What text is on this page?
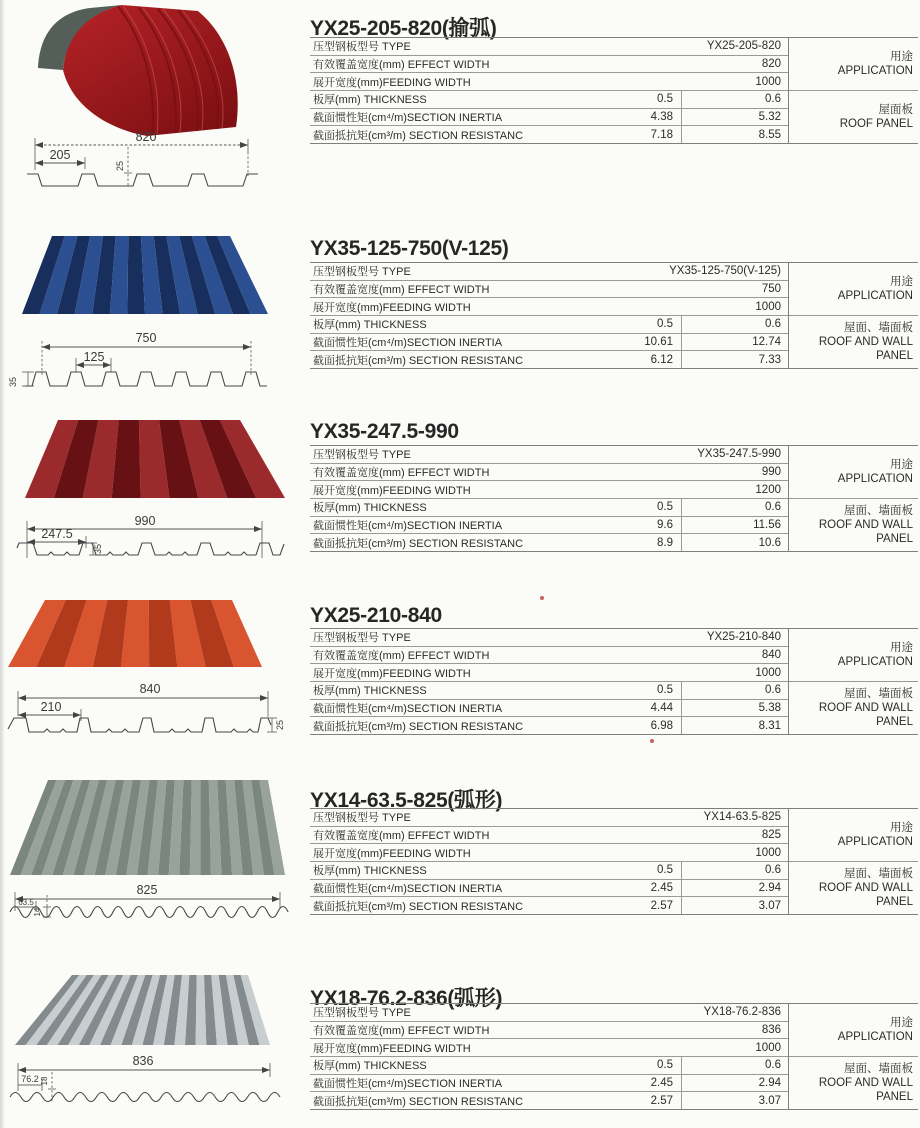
820
205
25
YX25-205-820(揄弧)
压型钢板型号 TYPE	YX25-205-820
有效覆盖宽度(mm) EFFECT WIDTH	820
展开宽度(mm)FEEDING WIDTH	1000
板厚(mm) THICKNESS	0.5	0.6
截面惯性矩(cm⁴/m)SECTION INERTIA	4.38	5.32
截面抵抗矩(cm³/m) SECTION RESISTANC	7.18	8.55
用途
APPLICATION
屋面板
ROOF PANEL
750
125
35
YX35-125-750(V-125)
压型钢板型号 TYPE	YX35-125-750(V-125)
有效覆盖宽度(mm) EFFECT WIDTH	750
展开宽度(mm)FEEDING WIDTH	1000
板厚(mm) THICKNESS	0.5	0.6
截面惯性矩(cm⁴/m)SECTION INERTIA	10.61	12.74
截面抵抗矩(cm³/m) SECTION RESISTANC	6.12	7.33
用途
APPLICATION
屋面、墙面板
ROOF AND WALL PANEL
990
247.5
35
YX35-247.5-990
压型钢板型号 TYPE	YX35-247.5-990
有效覆盖宽度(mm) EFFECT WIDTH	990
展开宽度(mm)FEEDING WIDTH	1200
板厚(mm) THICKNESS	0.5	0.6
截面惯性矩(cm⁴/m)SECTION INERTIA	9.6	11.56
截面抵抗矩(cm³/m) SECTION RESISTANC	8.9	10.6
用途
APPLICATION
屋面、墙面板
ROOF AND WALL PANEL
840
210
25
YX25-210-840
压型钢板型号 TYPE	YX25-210-840
有效覆盖宽度(mm) EFFECT WIDTH	840
展开宽度(mm)FEEDING WIDTH	1000
板厚(mm) THICKNESS	0.5	0.6
截面惯性矩(cm⁴/m)SECTION INERTIA	4.44	5.38
截面抵抗矩(cm³/m) SECTION RESISTANC	6.98	8.31
用途
APPLICATION
屋面、墙面板
ROOF AND WALL PANEL
825
63.5
14
YX14-63.5-825(弧形)
压型钢板型号 TYPE	YX14-63.5-825
有效覆盖宽度(mm) EFFECT WIDTH	825
展开宽度(mm)FEEDING WIDTH	1000
板厚(mm) THICKNESS	0.5	0.6
截面惯性矩(cm⁴/m)SECTION INERTIA	2.45	2.94
截面抵抗矩(cm³/m) SECTION RESISTANC	2.57	3.07
用途
APPLICATION
屋面、墙面板
ROOF AND WALL PANEL
836
76.2 18
YX18-76.2-836(弧形)
压型钢板型号 TYPE	YX18-76.2-836
有效覆盖宽度(mm) EFFECT WIDTH	836
展开宽度(mm)FEEDING WIDTH	1000
板厚(mm) THICKNESS	0.5	0.6
截面惯性矩(cm⁴/m)SECTION INERTIA	2.45	2.94
截面抵抗矩(cm³/m) SECTION RESISTANC	2.57	3.07
用途
APPLICATION
屋面、墙面板
ROOF AND WALL PANEL
